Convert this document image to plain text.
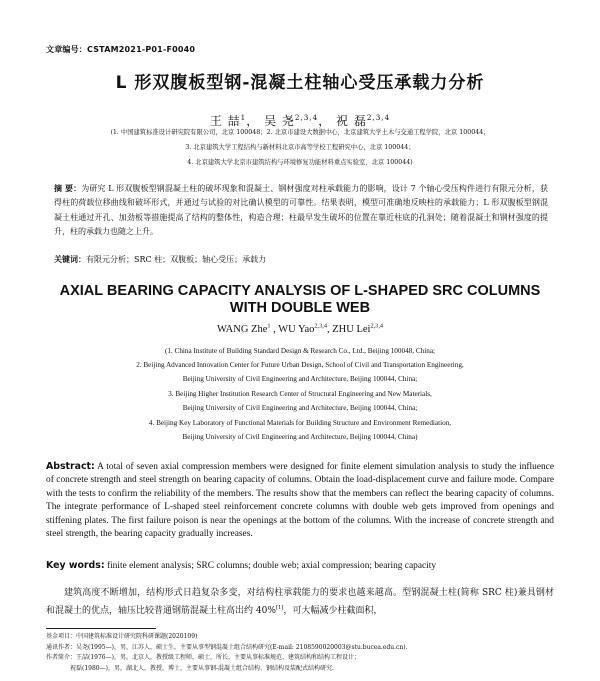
文章编号：CSTAM2021-P01-F0040
L 形双腹板型钢-混凝土柱轴心受压承载力分析
王 喆$^1$， 吴 尧$^{2,3,4}$， 祝 磊$^{2,3,4}$
(1. 中国建筑标准设计研究院有限公司，北京 100048；2. 北京市建设大数据中心，北京建筑大学土木与交通工程学院，北京 100044；
3. 北京建筑大学工程结构与新材料北京市高等学校工程研究中心，北京 100044；
4. 北京建筑大学北京市建筑结构与环境修复功能材料重点实验室，北京 100044)
摘 要：为研究 L 形双腹板型钢混凝土柱的破坏现象和混凝土、钢材强度对柱承载能力的影响，设计 7 个轴心受压构件进行有限元分析，获得柱的荷载位移曲线和破坏形式，并通过与试验的对比确认模型的可靠性。结果表明，模型可准确地反映柱的承载能力；L 形双腹板型钢混凝土柱通过开孔、加劲板等措施提高了结构的整体性，构造合理；柱最早发生破坏的位置在靠近柱底的孔洞处；随着混凝土和钢材强度的提升，柱的承载力也随之上升。
关键词：有限元分析；SRC 柱；双腹板；轴心受压；承载力
AXIAL BEARING CAPACITY ANALYSIS OF L-SHAPED SRC COLUMNS WITH DOUBLE WEB
WANG Zhe$^1$ , WU Yao$^{2,3,4}$, ZHU Lei$^{2,3,4}$
(1. China Institute of Building Standard Design & Research Co., Ltd., Beijing 100048, China;
2. Beijing Advanced Innovation Center for Future Urban Design, School of Civil and Transportation Engineering,
Beijing University of Civil Engineering and Architecture, Beijing 100044, China;
3. Beijing Higher Institution Research Center of Structural Engineering and New Materials,
Beijing University of Civil Engineering and Architecture, Beijing 100044, China;
4. Beijing Key Laboratory of Functional Materials for Building Structure and Environment Remediation,
Beijing University of Civil Engineering and Architecture, Beijing 100044, China)
Abstract: A total of seven axial compression members were designed for finite element simulation analysis to study the influence of concrete strength and steel strength on bearing capacity of columns. Obtain the load-displacement curve and failure mode. Compare with the tests to confirm the reliability of the members. The results show that the members can reflect the bearing capacity of columns. The integrate performance of L-shaped steel reinforcement concrete columns with double web gets improved from openings and stiffening plates. The first failure poison is near the openings at the bottom of the columns. With the increase of concrete strength and steel strength, the bearing capacity gradually increases.
Key words: finite element analysis; SRC columns; double web; axial compression; bearing capacity
建筑高度不断增加，结构形式日趋复杂多变，对结构柱承载能力的要求也越来越高。型钢混凝土柱(简称 SRC 柱)兼具钢材和混凝土的优点，轴压比较普通钢筋混凝土柱高出约 40%[1]，可大幅减少柱截面积，
基金项目：中国建筑标准设计研究院科研课题(2020109)
通讯作者：吴尧(1995—)，男，江苏人，硕士生，主要从事型钢混凝土组合结构研究(E-mail: 2108590020003@stu.bucea.edu.cn).
作者简介：王喆(1976—)，男，北京人，教授级工程师，硕士，所长，主要从事标准规范、建筑结构和结构工程设计；
祝磊(1980—)，男，湖北人，教授，博士，主要从事钢-混凝土组合结构、钢结构及装配式结构研究.
